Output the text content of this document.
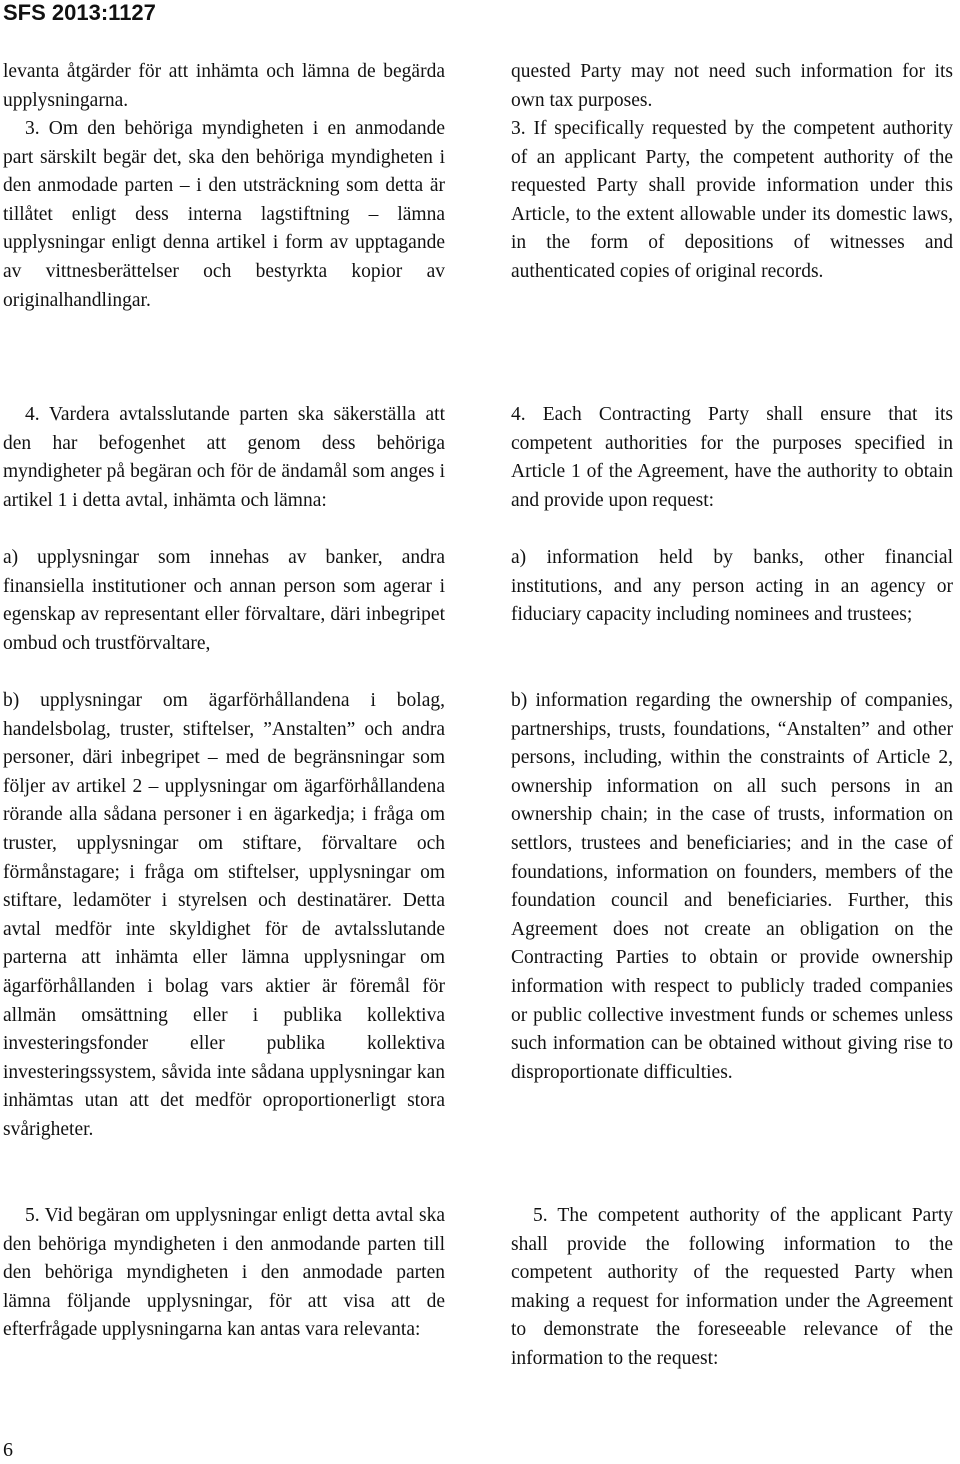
SFS 2013:1127

levanta åtgärder för att inhämta och lämna de begärda upplysningarna.

3. Om den behöriga myndigheten i en anmodande part särskilt begär det, ska den behöriga myndigheten i den anmodade parten – i den utsträckning som detta är tillåtet enligt dess interna lagstiftning – lämna upplysningar enligt denna artikel i form av upptagande av vittnesberättelser och bestyrkta kopior av originalhandlingar.

4. Vardera avtalsslutande parten ska säkerställa att den har befogenhet att genom dess behöriga myndigheter på begäran och för de ändamål som anges i artikel 1 i detta avtal, inhämta och lämna:

a) upplysningar som innehas av banker, andra finansiella institutioner och annan person som agerar i egenskap av representant eller förvaltare, däri inbegripet ombud och trustförvaltare,

b) upplysningar om ägarförhållandena i bolag, handelsbolag, truster, stiftelser, ”Anstalten” och andra personer, däri inbegripet – med de begränsningar som följer av artikel 2 – upplysningar om ägarförhållandena rörande alla sådana personer i en ägarkedja; i fråga om truster, upplysningar om stiftare, förvaltare och förmånstagare; i fråga om stiftelser, upplysningar om stiftare, ledamöter i styrelsen och destinatärer. Detta avtal medför inte skyldighet för de avtalsslutande parterna att inhämta eller lämna upplysningar om ägarförhållanden i bolag vars aktier är föremål för allmän omsättning eller i publika kollektiva investeringsfonder eller publika kollektiva investeringssystem, såvida inte sådana upplysningar kan inhämtas utan att det medför oproportionerligt stora svårigheter.

5. Vid begäran om upplysningar enligt detta avtal ska den behöriga myndigheten i den anmodande parten till den behöriga myndigheten i den anmodade parten lämna följande upplysningar, för att visa att de efterfrågade upplysningarna kan antas vara relevanta:

quested Party may not need such information for its own tax purposes.

3. If specifically requested by the competent authority of an applicant Party, the competent authority of the requested Party shall provide information under this Article, to the extent allowable under its domestic laws, in the form of depositions of witnesses and authenticated copies of original records.

4. Each Contracting Party shall ensure that its competent authorities for the purposes specified in Article 1 of the Agreement, have the authority to obtain and provide upon request:

a) information held by banks, other financial institutions, and any person acting in an agency or fiduciary capacity including nominees and trustees;

b) information regarding the ownership of companies, partnerships, trusts, foundations, “Anstalten” and other persons, including, within the constraints of Article 2, ownership information on all such persons in an ownership chain; in the case of trusts, information on settlors, trustees and beneficiaries; and in the case of foundations, information on founders, members of the foundation council and beneficiaries. Further, this Agreement does not create an obligation on the Contracting Parties to obtain or provide ownership information with respect to publicly traded companies or public collective investment funds or schemes unless such information can be obtained without giving rise to disproportionate difficulties.

5. The competent authority of the applicant Party shall provide the following information to the competent authority of the requested Party when making a request for information under the Agreement to demonstrate the foreseeable relevance of the information to the request:

6
